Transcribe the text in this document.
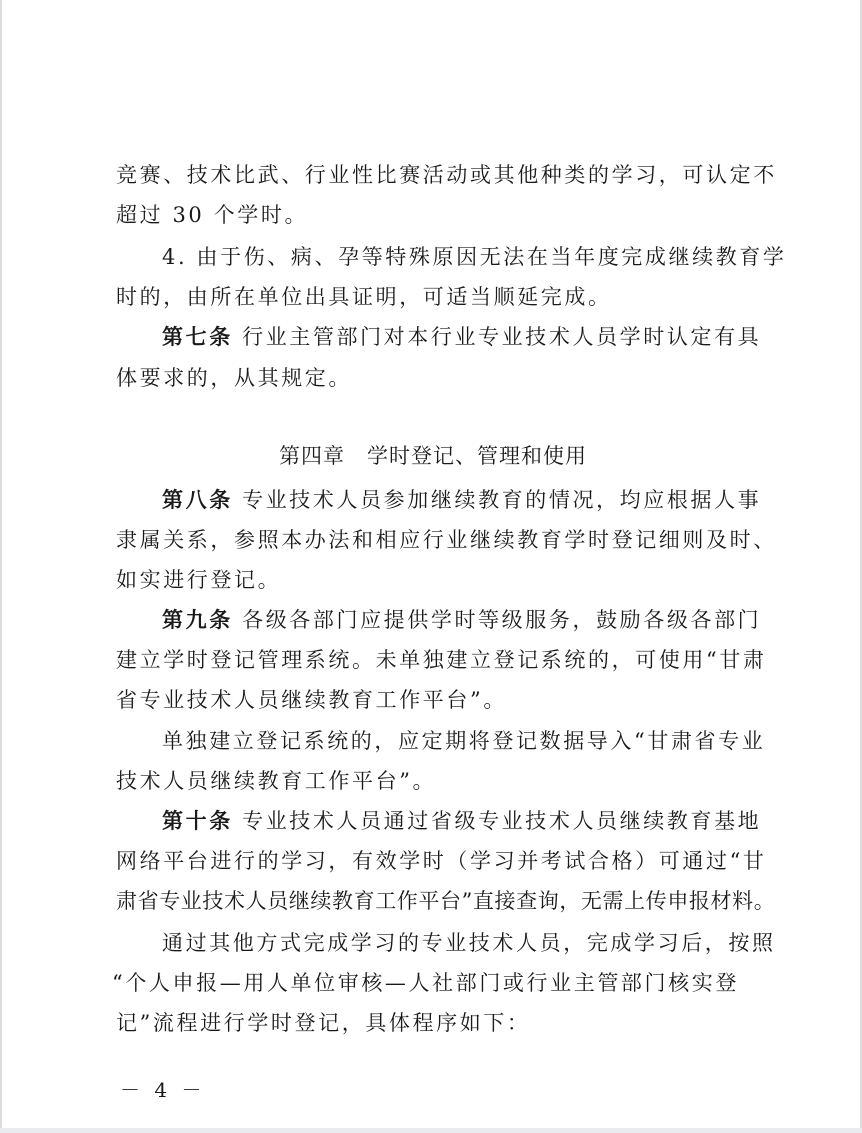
竞赛、技术比武、行业性比赛活动或其他种类的学习，可认定不
超过 30 个学时。
4. 由于伤、病、孕等特殊原因无法在当年度完成继续教育学
时的，由所在单位出具证明，可适当顺延完成。
第七条 行业主管部门对本行业专业技术人员学时认定有具
体要求的，从其规定。
第四章　学时登记、管理和使用
第八条 专业技术人员参加继续教育的情况，均应根据人事
隶属关系，参照本办法和相应行业继续教育学时登记细则及时、
如实进行登记。
第九条 各级各部门应提供学时等级服务，鼓励各级各部门
建立学时登记管理系统。未单独建立登记系统的，可使用“甘肃
省专业技术人员继续教育工作平台”。
单独建立登记系统的，应定期将登记数据导入“甘肃省专业
技术人员继续教育工作平台”。
第十条 专业技术人员通过省级专业技术人员继续教育基地
网络平台进行的学习，有效学时（学习并考试合格）可通过“甘
肃省专业技术人员继续教育工作平台”直接查询，无需上传申报材料。
通过其他方式完成学习的专业技术人员，完成学习后，按照
“个人申报—用人单位审核—人社部门或行业主管部门核实登
记”流程进行学时登记，具体程序如下：
－ 4 －
